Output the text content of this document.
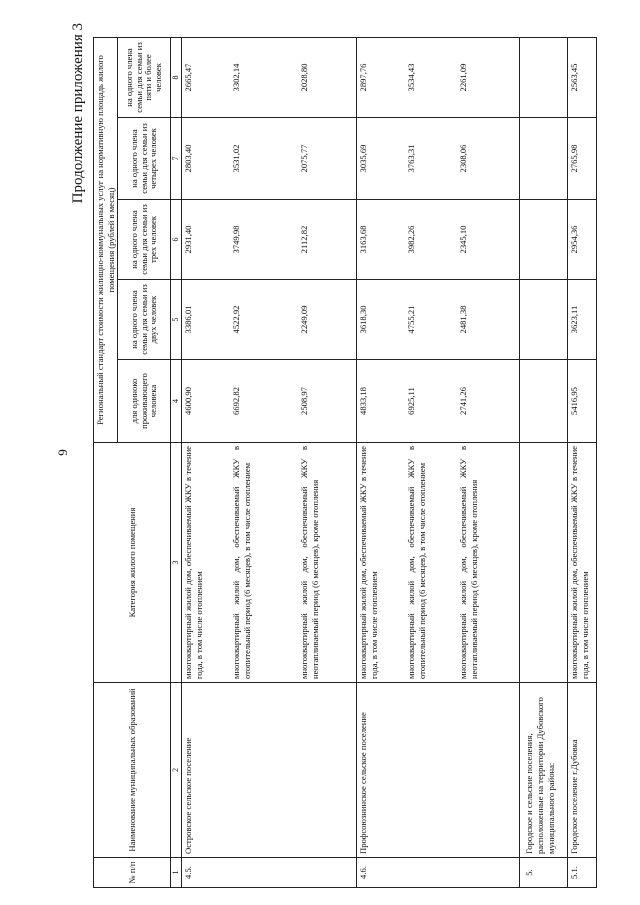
9
Продолжение приложения 3
№ п/п	Наименование муниципальных образований	Категория жилого помещения	Региональный стандарт стоимости жилищно-коммунальных услуг на нормативную площадь жилого помещения (рублей в месяц)				
			для одиноко проживающего человека	на одного члена семьи для семьи из двух человек	на одного члена семьи для семьи из трех человек	на одного члена семьи для семьи из четырех человек	на одного члена семьи для семьи из пяти и более человек
1	2	3	4	5	6	7	8
4.5.	Островское сельское поселение	многоквартирный жилой дом, обеспечиваемый ЖКУ в течение года, в том числе отоплением	4600,90	3386,01	2931,40	2803,40	2665,47
		многоквартирный жилой дом, обеспечиваемый ЖКУ в отопительный период (6 месяцев), в том числе отоплением	6692,82	4522,92	3749,98	3531,02	3302,14
		многоквартирный жилой дом, обеспечиваемый ЖКУ в неотапливаемый период (6 месяцев), кроме отопления	2508,97	2249,09	2112,82	2075,77	2028,80
4.6.	Профсоюзнинское сельское поселение	многоквартирный жилой дом, обеспечиваемый ЖКУ в течение года, в том числе отоплением	4833,18	3618,30	3163,68	3035,69	2897,76
		многоквартирный жилой дом, обеспечиваемый ЖКУ в отопительный период (6 месяцев), в том числе отоплением	6925,11	4755,21	3982,26	3763,31	3534,43
		многоквартирный жилой дом, обеспечиваемый ЖКУ в неотапливаемый период (6 месяцев), кроме отопления	2741,26	2481,38	2345,10	2308,06	2261,09
5.	Городское и сельские поселения, расположенные на территории Дубовского муниципального района:						
5.1.	Городское поселение г.Дубовка	многоквартирный жилой дом, обеспечиваемый ЖКУ в течение года, в том числе отоплением	5416,95	3623,11	2954,36	2765,98	2563,45
